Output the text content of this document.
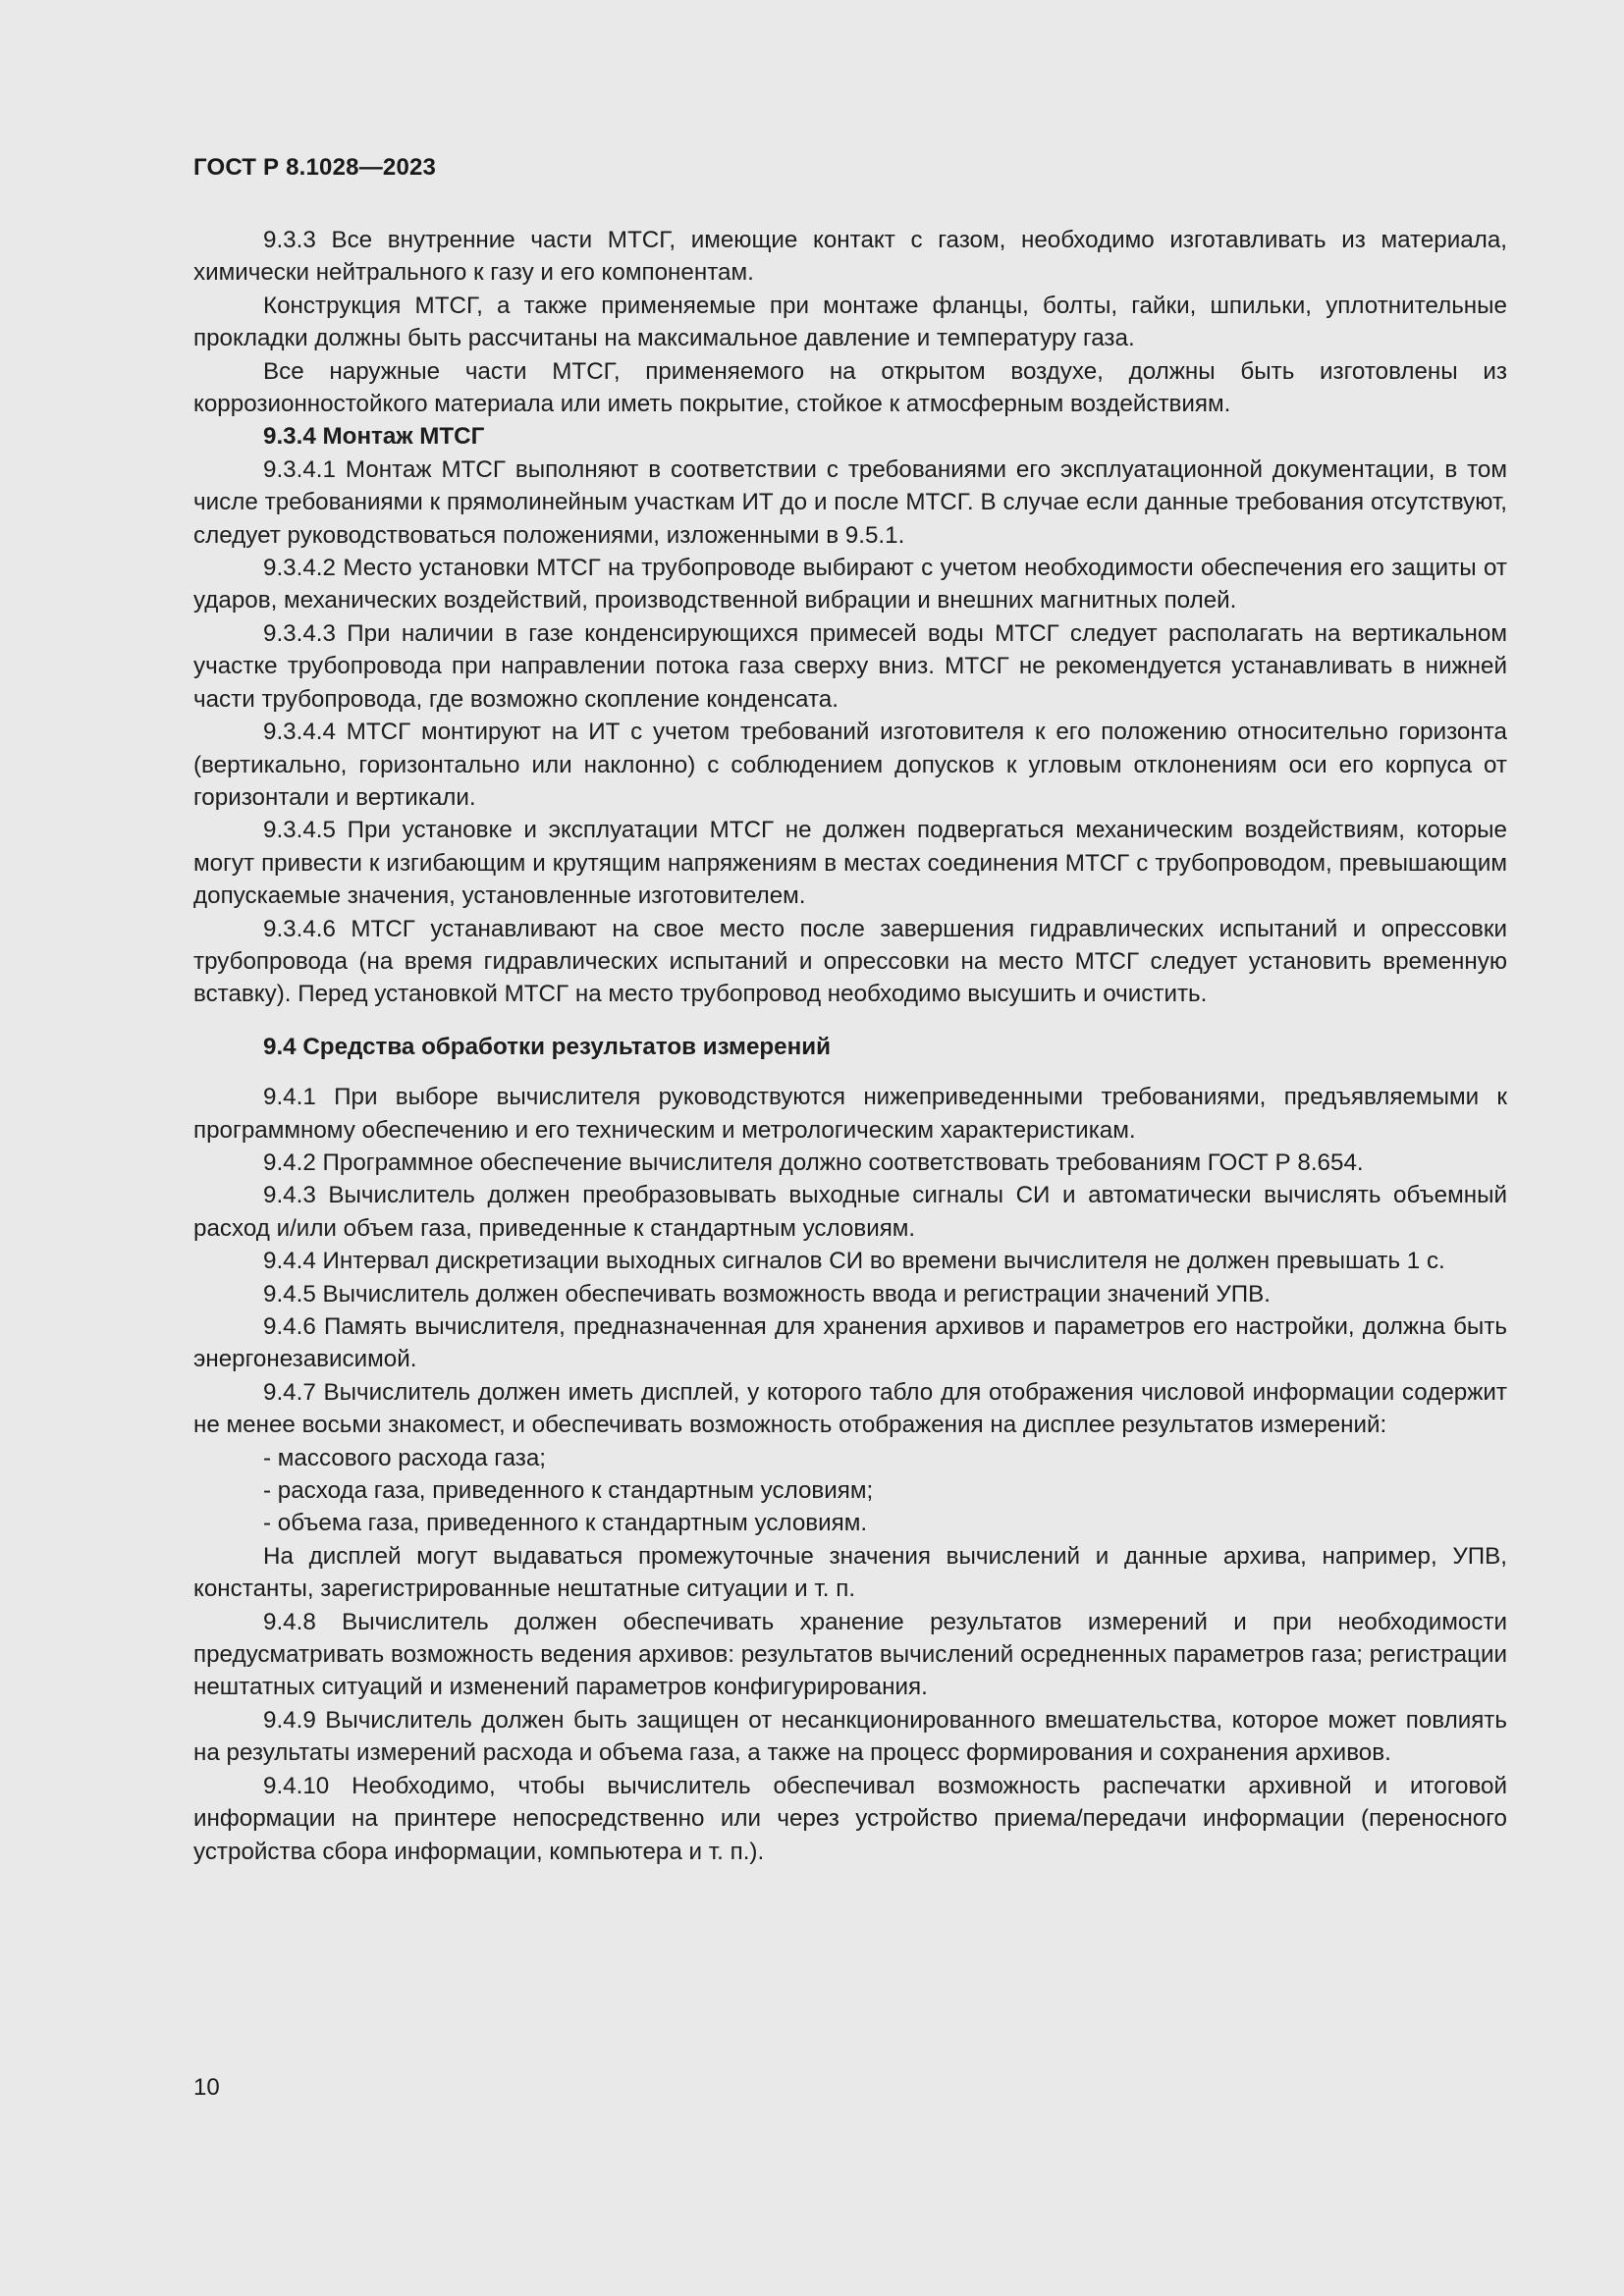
ГОСТ Р 8.1028—2023

9.3.3 Все внутренние части МТСГ, имеющие контакт с газом, необходимо изготавливать из материала, химически нейтрального к газу и его компонентам.

Конструкция МТСГ, а также применяемые при монтаже фланцы, болты, гайки, шпильки, уплотнительные прокладки должны быть рассчитаны на максимальное давление и температуру газа.

Все наружные части МТСГ, применяемого на открытом воздухе, должны быть изготовлены из коррозионностойкого материала или иметь покрытие, стойкое к атмосферным воздействиям.

9.3.4 Монтаж МТСГ

9.3.4.1 Монтаж МТСГ выполняют в соответствии с требованиями его эксплуатационной документации, в том числе требованиями к прямолинейным участкам ИТ до и после МТСГ. В случае если данные требования отсутствуют, следует руководствоваться положениями, изложенными в 9.5.1.

9.3.4.2 Место установки МТСГ на трубопроводе выбирают с учетом необходимости обеспечения его защиты от ударов, механических воздействий, производственной вибрации и внешних магнитных полей.

9.3.4.3 При наличии в газе конденсирующихся примесей воды МТСГ следует располагать на вертикальном участке трубопровода при направлении потока газа сверху вниз. МТСГ не рекомендуется устанавливать в нижней части трубопровода, где возможно скопление конденсата.

9.3.4.4 МТСГ монтируют на ИТ с учетом требований изготовителя к его положению относительно горизонта (вертикально, горизонтально или наклонно) с соблюдением допусков к угловым отклонениям оси его корпуса от горизонтали и вертикали.

9.3.4.5 При установке и эксплуатации МТСГ не должен подвергаться механическим воздействиям, которые могут привести к изгибающим и крутящим напряжениям в местах соединения МТСГ с трубопроводом, превышающим допускаемые значения, установленные изготовителем.

9.3.4.6 МТСГ устанавливают на свое место после завершения гидравлических испытаний и опрессовки трубопровода (на время гидравлических испытаний и опрессовки на место МТСГ следует установить временную вставку). Перед установкой МТСГ на место трубопровод необходимо высушить и очистить.

9.4 Средства обработки результатов измерений

9.4.1 При выборе вычислителя руководствуются нижеприведенными требованиями, предъявляемыми к программному обеспечению и его техническим и метрологическим характеристикам.

9.4.2 Программное обеспечение вычислителя должно соответствовать требованиям ГОСТ Р 8.654.

9.4.3 Вычислитель должен преобразовывать выходные сигналы СИ и автоматически вычислять объемный расход и/или объем газа, приведенные к стандартным условиям.

9.4.4 Интервал дискретизации выходных сигналов СИ во времени вычислителя не должен превышать 1 с.

9.4.5 Вычислитель должен обеспечивать возможность ввода и регистрации значений УПВ.

9.4.6 Память вычислителя, предназначенная для хранения архивов и параметров его настройки, должна быть энергонезависимой.

9.4.7 Вычислитель должен иметь дисплей, у которого табло для отображения числовой информации содержит не менее восьми знакомест, и обеспечивать возможность отображения на дисплее результатов измерений:

- массового расхода газа;

- расхода газа, приведенного к стандартным условиям;

- объема газа, приведенного к стандартным условиям.

На дисплей могут выдаваться промежуточные значения вычислений и данные архива, например, УПВ, константы, зарегистрированные нештатные ситуации и т. п.

9.4.8 Вычислитель должен обеспечивать хранение результатов измерений и при необходимости предусматривать возможность ведения архивов: результатов вычислений осредненных параметров газа; регистрации нештатных ситуаций и изменений параметров конфигурирования.

9.4.9 Вычислитель должен быть защищен от несанкционированного вмешательства, которое может повлиять на результаты измерений расхода и объема газа, а также на процесс формирования и сохранения архивов.

9.4.10 Необходимо, чтобы вычислитель обеспечивал возможность распечатки архивной и итоговой информации на принтере непосредственно или через устройство приема/передачи информации (переносного устройства сбора информации, компьютера и т. п.).

10
